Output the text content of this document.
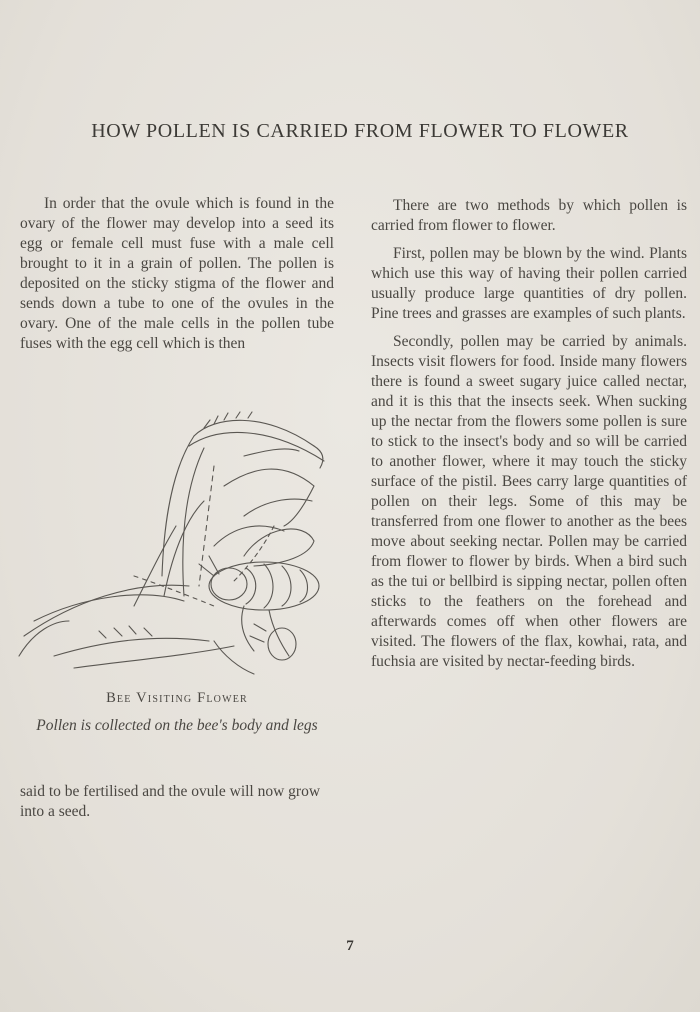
HOW POLLEN IS CARRIED FROM FLOWER TO FLOWER

In order that the ovule which is found in the ovary of the flower may develop into a seed its egg or female cell must fuse with a male cell brought to it in a grain of pollen. The pollen is deposited on the sticky stigma of the flower and sends down a tube to one of the ovules in the ovary. One of the male cells in the pollen tube fuses with the egg cell which is then

Bee Visiting Flower
Pollen is collected on the bee's body and legs

said to be fertilised and the ovule will now grow into a seed.

There are two methods by which pollen is carried from flower to flower.

First, pollen may be blown by the wind. Plants which use this way of having their pollen carried usually produce large quantities of dry pollen. Pine trees and grasses are examples of such plants.

Secondly, pollen may be carried by animals. Insects visit flowers for food. Inside many flowers there is found a sweet sugary juice called nectar, and it is this that the insects seek. When sucking up the nectar from the flowers some pollen is sure to stick to the insect's body and so will be carried to another flower, where it may touch the sticky surface of the pistil. Bees carry large quantities of pollen on their legs. Some of this may be transferred from one flower to another as the bees move about seeking nectar. Pollen may be carried from flower to flower by birds. When a bird such as the tui or bellbird is sipping nectar, pollen often sticks to the feathers on the forehead and afterwards comes off when other flowers are visited. The flowers of the flax, kowhai, rata, and fuchsia are visited by nectar-feeding birds.

7
